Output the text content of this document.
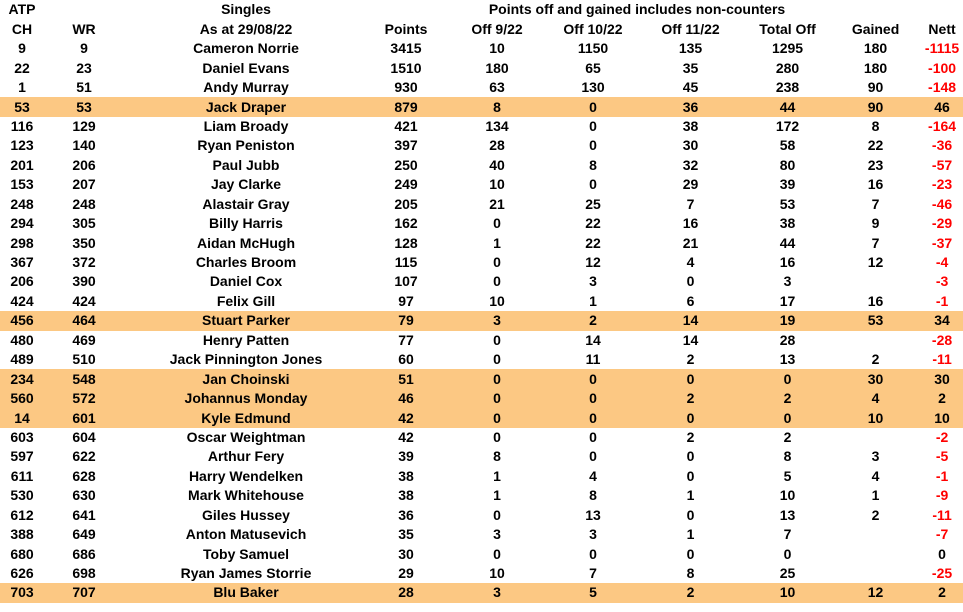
ATP		Singles		Points off and gained includes non-counters					
CH	WR	As at 29/08/22	Points	Off 9/22	Off 10/22	Off 11/22	Total Off	Gained	Nett
9	9	Cameron Norrie	3415	10	1150	135	1295	180	-1115
22	23	Daniel Evans	1510	180	65	35	280	180	-100
1	51	Andy Murray	930	63	130	45	238	90	-148
53	53	Jack Draper	879	8	0	36	44	90	46
116	129	Liam Broady	421	134	0	38	172	8	-164
123	140	Ryan Peniston	397	28	0	30	58	22	-36
201	206	Paul Jubb	250	40	8	32	80	23	-57
153	207	Jay Clarke	249	10	0	29	39	16	-23
248	248	Alastair Gray	205	21	25	7	53	7	-46
294	305	Billy Harris	162	0	22	16	38	9	-29
298	350	Aidan McHugh	128	1	22	21	44	7	-37
367	372	Charles Broom	115	0	12	4	16	12	-4
206	390	Daniel Cox	107	0	3	0	3		-3
424	424	Felix Gill	97	10	1	6	17	16	-1
456	464	Stuart Parker	79	3	2	14	19	53	34
480	469	Henry Patten	77	0	14	14	28		-28
489	510	Jack Pinnington Jones	60	0	11	2	13	2	-11
234	548	Jan Choinski	51	0	0	0	0	30	30
560	572	Johannus Monday	46	0	0	2	2	4	2
14	601	Kyle Edmund	42	0	0	0	0	10	10
603	604	Oscar Weightman	42	0	0	2	2		-2
597	622	Arthur Fery	39	8	0	0	8	3	-5
611	628	Harry Wendelken	38	1	4	0	5	4	-1
530	630	Mark Whitehouse	38	1	8	1	10	1	-9
612	641	Giles Hussey	36	0	13	0	13	2	-11
388	649	Anton Matusevich	35	3	3	1	7		-7
680	686	Toby Samuel	30	0	0	0	0		0
626	698	Ryan James Storrie	29	10	7	8	25		-25
703	707	Blu Baker	28	3	5	2	10	12	2
